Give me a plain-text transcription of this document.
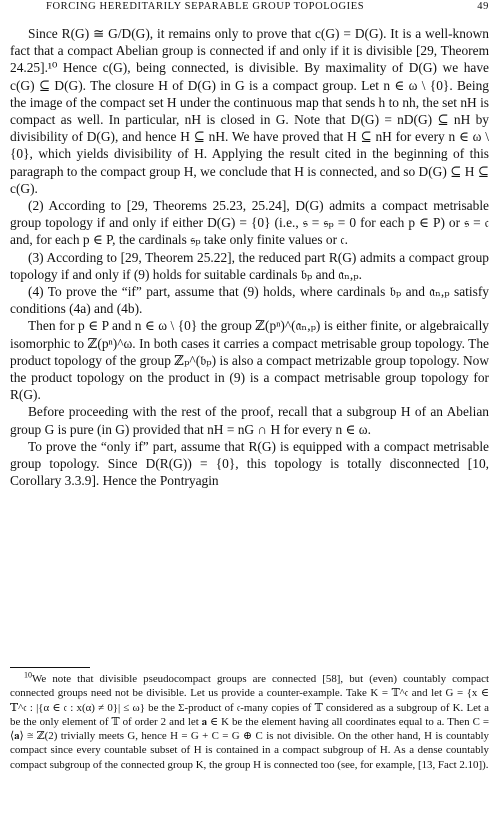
FORCING HEREDITARILY SEPARABLE GROUP TOPOLOGIES	49

Since R(G) ≅ G/D(G), it remains only to prove that c(G) = D(G). It is a well-known fact that a compact Abelian group is connected if and only if it is divisible [29, Theorem 24.25].¹⁰ Hence c(G), being connected, is divisible. By maximality of D(G) we have c(G) ⊆ D(G). The closure H of D(G) in G is a compact group. Let n ∈ ω \ {0}. Being the image of the compact set H under the continuous map that sends h to nh, the set nH is compact as well. In particular, nH is closed in G. Note that D(G) = nD(G) ⊆ nH by divisibility of D(G), and hence H ⊆ nH. We have proved that H ⊆ nH for every n ∈ ω \ {0}, which yields divisibility of H. Applying the result cited in the beginning of this paragraph to the compact group H, we conclude that H is connected, and so D(G) ⊆ H ⊆ c(G).

(2) According to [29, Theorems 25.23, 25.24], D(G) admits a compact metrisable group topology if and only if either D(G) = {0} (i.e., 𝔰 = 𝔰ₚ = 0 for each p ∈ P) or 𝔰 = 𝔠 and, for each p ∈ P, the cardinals 𝔰ₚ take only finite values or 𝔠.

(3) According to [29, Theorem 25.22], the reduced part R(G) admits a compact group topology if and only if (9) holds for suitable cardinals 𝔟ₚ and 𝔞ₙ,ₚ.

(4) To prove the “if” part, assume that (9) holds, where cardinals 𝔟ₚ and 𝔞ₙ,ₚ satisfy conditions (4a) and (4b).

Then for p ∈ P and n ∈ ω \ {0} the group ℤ(pⁿ)^(𝔞ₙ,ₚ) is either finite, or algebraically isomorphic to ℤ(pⁿ)^ω. In both cases it carries a compact metrisable group topology. The product topology of the group ℤₚ^(𝔟ₚ) is also a compact metrizable group topology. Now the product topology on the product in (9) is a compact metrisable group topology for R(G).

Before proceeding with the rest of the proof, recall that a subgroup H of an Abelian group G is pure (in G) provided that nH = nG ∩ H for every n ∈ ω.

To prove the “only if” part, assume that R(G) is equipped with a compact metrisable group topology. Since D(R(G)) = {0}, this topology is totally disconnected [10, Corollary 3.3.9]. Hence the Pontryagin

$^{10}$We note that divisible pseudocompact groups are connected [58], but (even) countably compact connected groups need not be divisible. Let us provide a counter-example. Take K = 𝕋^𝔠 and let G = {x ∈ 𝕋^𝔠 : |{α ∈ 𝔠 : x(α) ≠ 0}| ≤ ω} be the Σ-product of 𝔠-many copies of 𝕋 considered as a subgroup of K. Let a be the only element of 𝕋 of order 2 and let 𝐚 ∈ K be the element having all coordinates equal to a. Then C = ⟨𝐚⟩ ≅ ℤ(2) trivially meets G, hence H = G + C = G ⊕ C is not divisible. On the other hand, H is countably compact since every countable subset of H is contained in a compact subgroup of H. As a dense countably compact subgroup of the connected group K, the group H is connected too (see, for example, [13, Fact 2.10]).
